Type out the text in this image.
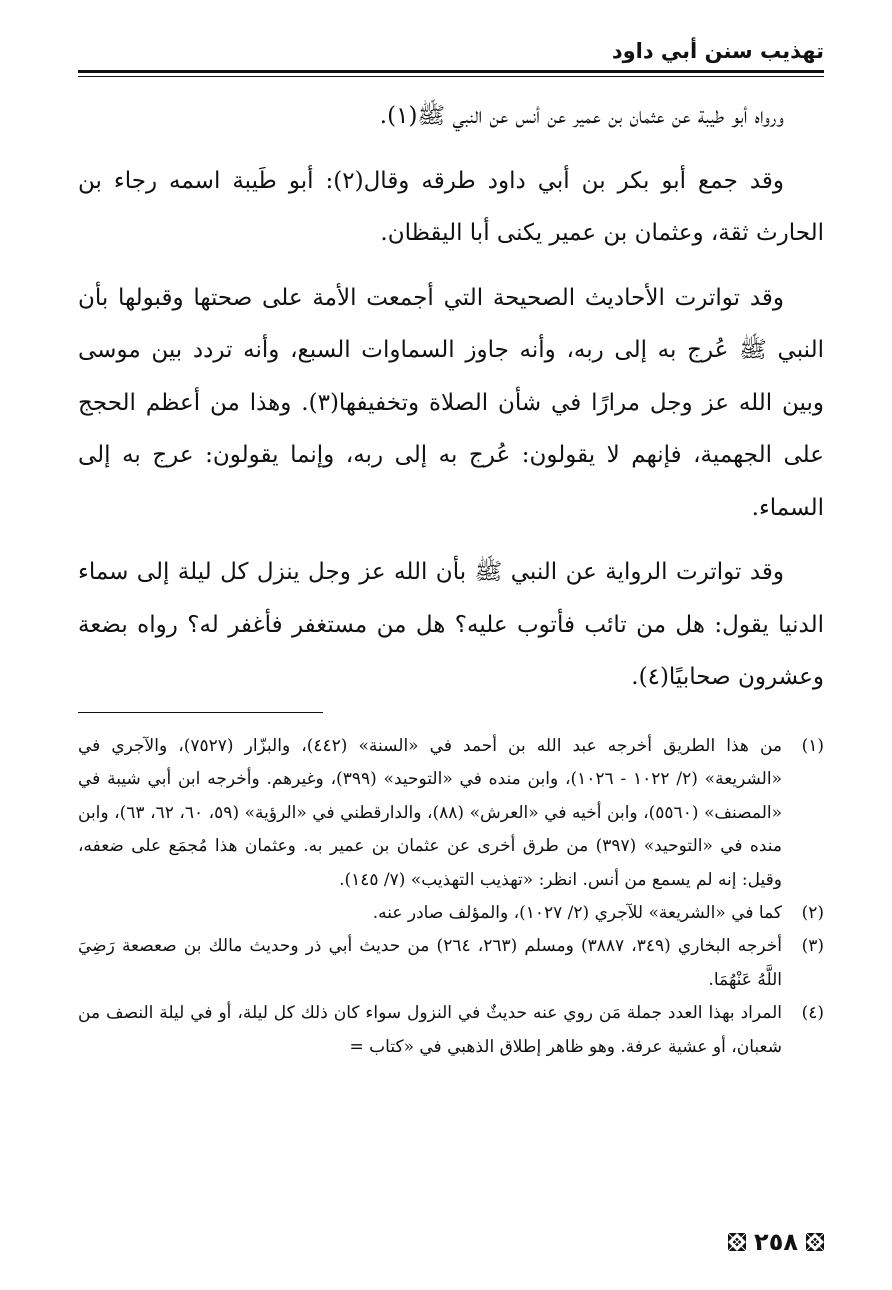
تهذيب سنن أبي داود

ورواه أبو طيبة عن عثمان بن عمير عن أنس عن النبي ﷺ(١).

وقد جمع أبو بكر بن أبي داود طرقه وقال(٢): أبو طَيبة اسمه رجاء بن الحارث ثقة، وعثمان بن عمير يكنى أبا اليقظان.

وقد تواترت الأحاديث الصحيحة التي أجمعت الأمة على صحتها وقبولها بأن النبي ﷺ عُرج به إلى ربه، وأنه جاوز السماوات السبع، وأنه تردد بين موسى وبين الله عز وجل مرارًا في شأن الصلاة وتخفيفها(٣). وهذا من أعظم الحجج على الجهمية، فإنهم لا يقولون: عُرج به إلى ربه، وإنما يقولون: عرج به إلى السماء.

وقد تواترت الرواية عن النبي ﷺ بأن الله عز وجل ينزل كل ليلة إلى سماء الدنيا يقول: هل من تائب فأتوب عليه؟ هل من مستغفر فأغفر له؟ رواه بضعة وعشرون صحابيًا(٤).

(١)
من هذا الطريق أخرجه عبد الله بن أحمد في «السنة» (٤٤٢)، والبزّار (٧٥٢٧)، والآجري في «الشريعة» (٢/ ١٠٢٢ - ١٠٢٦)، وابن منده في «التوحيد» (٣٩٩)، وغيرهم. وأخرجه ابن أبي شيبة في «المصنف» (٥٥٦٠)، وابن أخيه في «العرش» (٨٨)، والدارقطني في «الرؤية» (٥٩، ٦٠، ٦٢، ٦٣)، وابن منده في «التوحيد» (٣٩٧) من طرق أخرى عن عثمان بن عمير به. وعثمان هذا مُجمَع على ضعفه، وقيل: إنه لم يسمع من أنس. انظر: «تهذيب التهذيب» (٧/ ١٤٥).
(٢)
كما في «الشريعة» للآجري (٢/ ١٠٢٧)، والمؤلف صادر عنه.
(٣)
أخرجه البخاري (٣٤٩، ٣٨٨٧) ومسلم (٢٦٣، ٢٦٤) من حديث أبي ذر وحديث مالك بن صعصعة رَضِيَ اللَّهُ عَنْهُمَا.
(٤)
المراد بهذا العدد جملة مَن روي عنه حديثٌ في النزول سواء كان ذلك كل ليلة، أو في ليلة النصف من شعبان، أو عشية عرفة. وهو ظاهر إطلاق الذهبي في «كتاب =
٢٥٨
